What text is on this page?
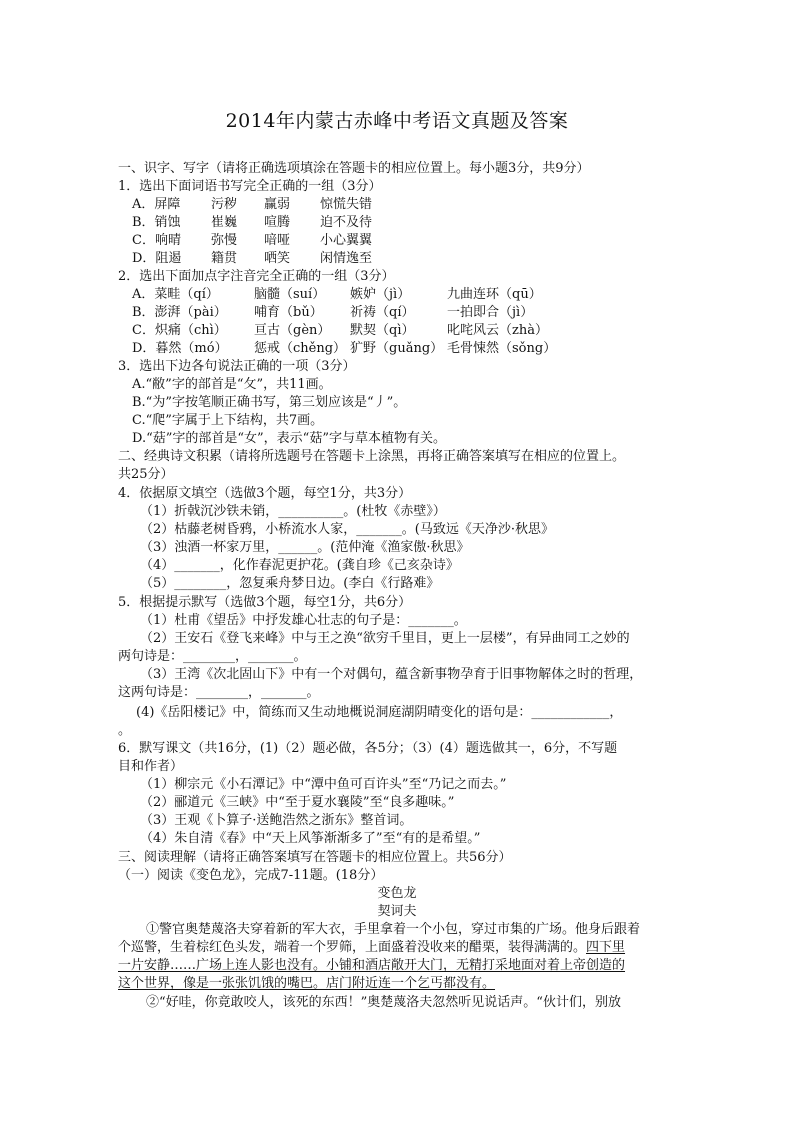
2014年内蒙古赤峰中考语文真题及答案
一、识字、写字（请将正确选项填涂在答题卡的相应位置上。每小题3分，共9分）
1．选出下面词语书写完全正确的一组（3分）
A．屏障 污秽 赢弱 惊慌失错
B．销蚀 崔巍 喧腾 迫不及待
C．响晴 弥慢 喑哑 小心翼翼
D．阻遏 籍贯 哂笑 闲情逸至
2．选出下面加点字注音完全正确的一组（3分）
A．菜畦（qí）	脑髓（suí） 嫉妒（jì）	九曲连环（qū）
B．澎湃（pài） 哺育（bǔ） 祈祷（qí）	一拍即合（jì）
C．炽痛（chì） 亘古（gèn） 默契（qì）	叱咤风云（zhà）
D．暮然（mó） 惩戒（chěng） 犷野（guǎng） 毛骨悚然（sǒng）
3．选出下边各句说法正确的一项（3分）
A.“敝”字的部首是“攵”，共11画。
B.“为”字按笔顺正确书写，第三划应该是“丿”。
C.“爬”字属于上下结构，共7画。
D.“菇”字的部首是“女”，表示“菇”字与草本植物有关。
二、经典诗文积累（请将所选题号在答题卡上涂黑，再将正确答案填写在相应的位置上。
共25分）
4．依据原文填空（选做3个题，每空1分，共3分）
（1）折戟沉沙铁未销，__________。(杜牧《赤壁》）
（2）枯藤老树昏鸦，小桥流水人家，_______。(马致远《天净沙·秋思》
（3）浊酒一杯家万里，______。(范仲淹《渔家傲·秋思》
（4）_______，化作春泥更护花。(龚自珍《己亥杂诗》
（5）________，忽复乘舟梦日边。(李白《行路难》
5．根据提示默写（选做3个题，每空1分，共6分）
（1）杜甫《望岳》中抒发雄心壮志的句子是：_______。
（2）王安石《登飞来峰》中与王之涣“欲穷千里目，更上一层楼”，有异曲同工之妙的
两句诗是：________，_______。
（3）王湾《次北固山下》中有一个对偶句，蕴含新事物孕育于旧事物解体之时的哲理，
这两句诗是：________，_______。
(4)《岳阳楼记》中，简练而又生动地概说洞庭湖阴晴变化的语句是：____________，
。
6．默写课文（共16分，(1)（2）题必做，各5分；（3）(4）题选做其一，6分，不写题
目和作者）
（1）柳宗元《小石潭记》中“潭中鱼可百许头”至“乃记之而去。”
（2）郦道元《三峡》中“至于夏水襄陵”至“良多趣味。”
（3）王观《卜算子·送鲍浩然之浙东》整首词。
（4）朱自清《春》中“天上风筝渐渐多了”至“有的是希望。”
三、阅读理解（请将正确答案填写在答题卡的相应位置上。共56分）
（一）阅读《变色龙》，完成7-11题。(18分）
变色龙
契诃夫
①警官奥楚蔑洛夫穿着新的军大衣，手里拿着一个小包，穿过市集的广场。他身后跟着
个巡警，生着棕红色头发，端着一个罗筛，上面盛着没收来的醋栗，装得满满的。四下里
一片安静……广场上连人影也没有。小铺和酒店敞开大门，无精打采地面对着上帝创造的
这个世界，像是一张张饥饿的嘴巴。店门附近连一个乞丐都没有。
②“好哇，你竟敢咬人，该死的东西！”奥楚蔑洛夫忽然听见说话声。“伙计们，别放
